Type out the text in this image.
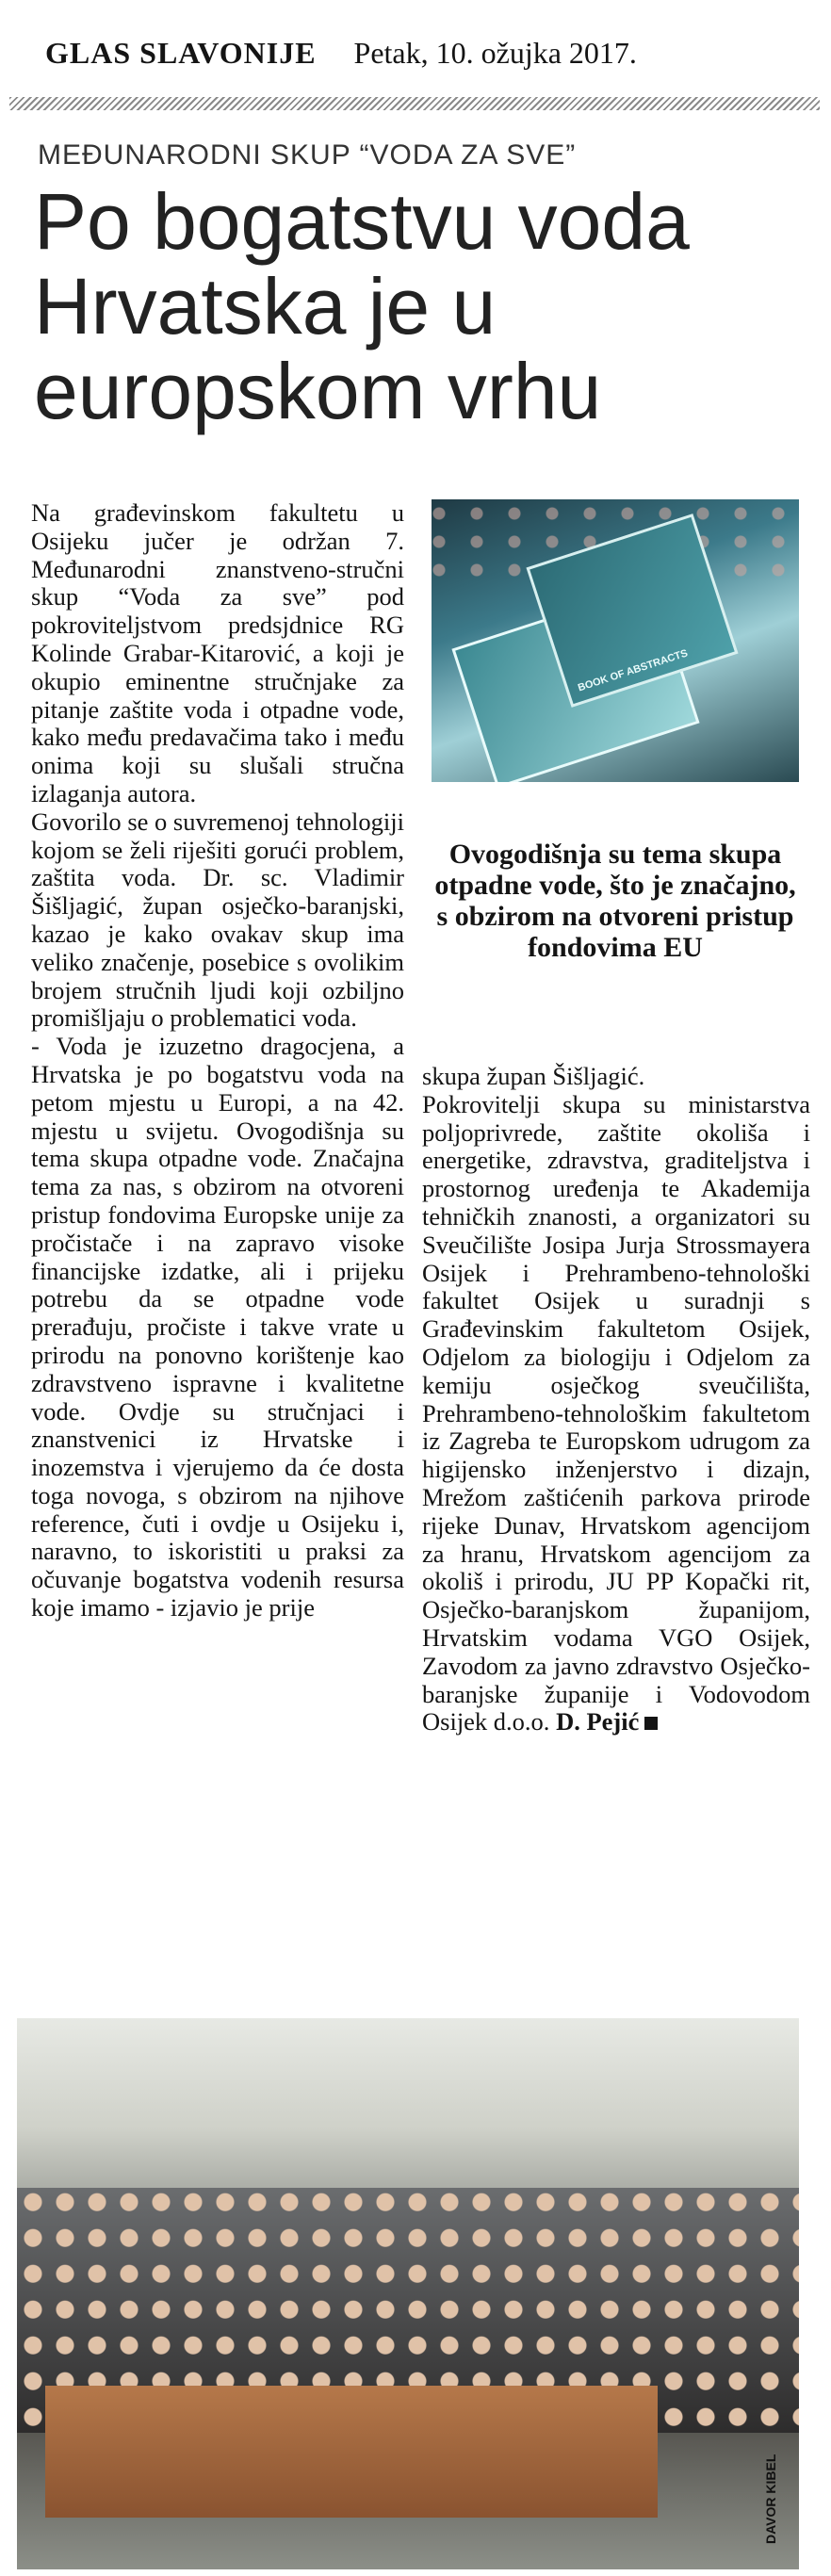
GLAS SLAVONIJE Petak, 10. ožujka 2017.
MEĐUNARODNI SKUP “VODA ZA SVE”
Po bogatstvu voda Hrvatska je u europskom vrhu

Na građevinskom fakultetu u Osijeku jučer je održan 7. Međunarodni znanstveno-stručni skup “Voda za sve” pod pokroviteljstvom predsjdnice RG Kolinde Grabar-Kitarović, a koji je okupio eminentne stručnjake za pitanje zaštite voda i otpadne vode, kako među predavačima tako i među onima koji su slušali stručna izlaganja autora.

Govorilo se o suvremenoj tehnologiji kojom se želi riješiti gorući problem, zaštita voda. Dr. sc. Vladimir Šišljagić, župan osječko-baranjski, kazao je kako ovakav skup ima veliko značenje, posebice s ovolikim brojem stručnih ljudi koji ozbiljno promišljaju o problematici voda.

- Voda je izuzetno dragocjena, a Hrvatska je po bogatstvu voda na petom mjestu u Europi, a na 42. mjestu u svijetu. Ovogodišnja su tema skupa otpadne vode. Značajna tema za nas, s obzirom na otvoreni pristup fondovima Europske unije za pročistače i na zapravo visoke financijske izdatke, ali i prijeku potrebu da se otpadne vode prerađuju, pročiste i takve vrate u prirodu na ponovno korištenje kao zdravstveno ispravne i kvalitetne vode. Ovdje su stručnjaci i znanstvenici iz Hrvatske i inozemstva i vjerujemo da će dosta toga novoga, s obzirom na njihove reference, čuti i ovdje u Osijeku i, naravno, to iskoristiti u praksi za očuvanje bogatstva vodenih resursa koje imamo - izjavio je prije

BOOK OF ABSTRACTS
Ovogodišnja su tema skupa otpadne vode, što je značajno, s obzirom na otvoreni pristup fondovima EU

skupa župan Šišljagić.

Pokrovitelji skupa su ministarstva poljoprivrede, zaštite okoliša i energetike, zdravstva, graditeljstva i prostornog uređenja te Akademija tehničkih znanosti, a organizatori su Sveučilište Josipa Jurja Strossmayera Osijek i Prehrambeno-tehnološki fakultet Osijek u suradnji s Građevinskim fakultetom Osijek, Odjelom za biologiju i Odjelom za kemiju osječkog sveučilišta, Prehrambeno-tehnološkim fakultetom iz Zagreba te Europskom udrugom za higijensko inženjerstvo i dizajn, Mrežom zaštićenih parkova prirode rijeke Dunav, Hrvatskom agencijom za hranu, Hrvatskom agencijom za okoliš i prirodu, JU PP Kopački rit, Osječko-baranjskom županijom, Hrvatskim vodama VGO Osijek, Zavodom za javno zdravstvo Osječko-baranjske županije i Vodovodom Osijek d.o.o. D. Pejić

DAVOR KIBEL
